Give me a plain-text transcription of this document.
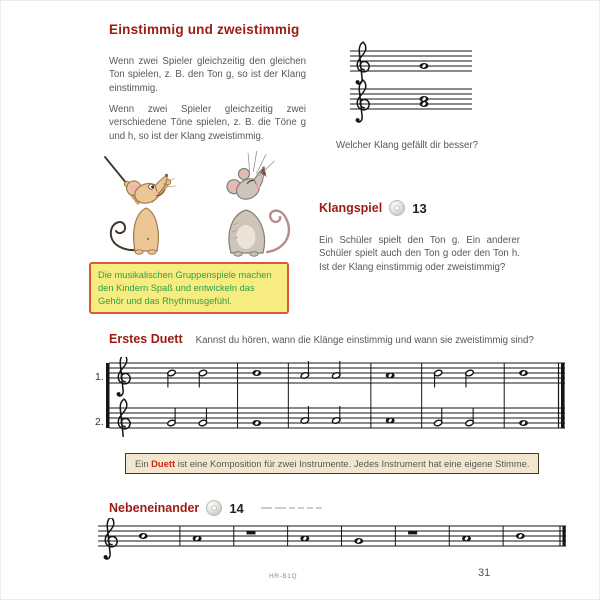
Einstimmig und zweistimmig

Wenn zwei Spieler gleichzeitig den gleichen Ton spielen, z. B. den Ton g, so ist der Klang einstimmig.

Wenn zwei Spieler gleichzeitig zwei verschiedene Töne spielen, z. B. die Töne g und h, so ist der Klang zweistimmig.

Welcher Klang gefällt dir besser?
Die musikalischen Gruppenspiele machen den Kindern Spaß und entwickeln das Gehör und das Rhythmusgefühl.
Klangspiel 13

Ein Schüler spielt den Ton g. Ein anderer Schüler spielt auch den Ton g oder den Ton h. Ist der Klang einstimmig oder zweistimmig?

Erstes Duett Kannst du hören, wann die Klänge einstimmig und wann sie zweistimmig sind?
1.
2.
Ein Duett ist eine Komposition für zwei Instrumente. Jedes Instrument hat eine eigene Stimme.
Nebeneinander 14
HR-B1Q	31
